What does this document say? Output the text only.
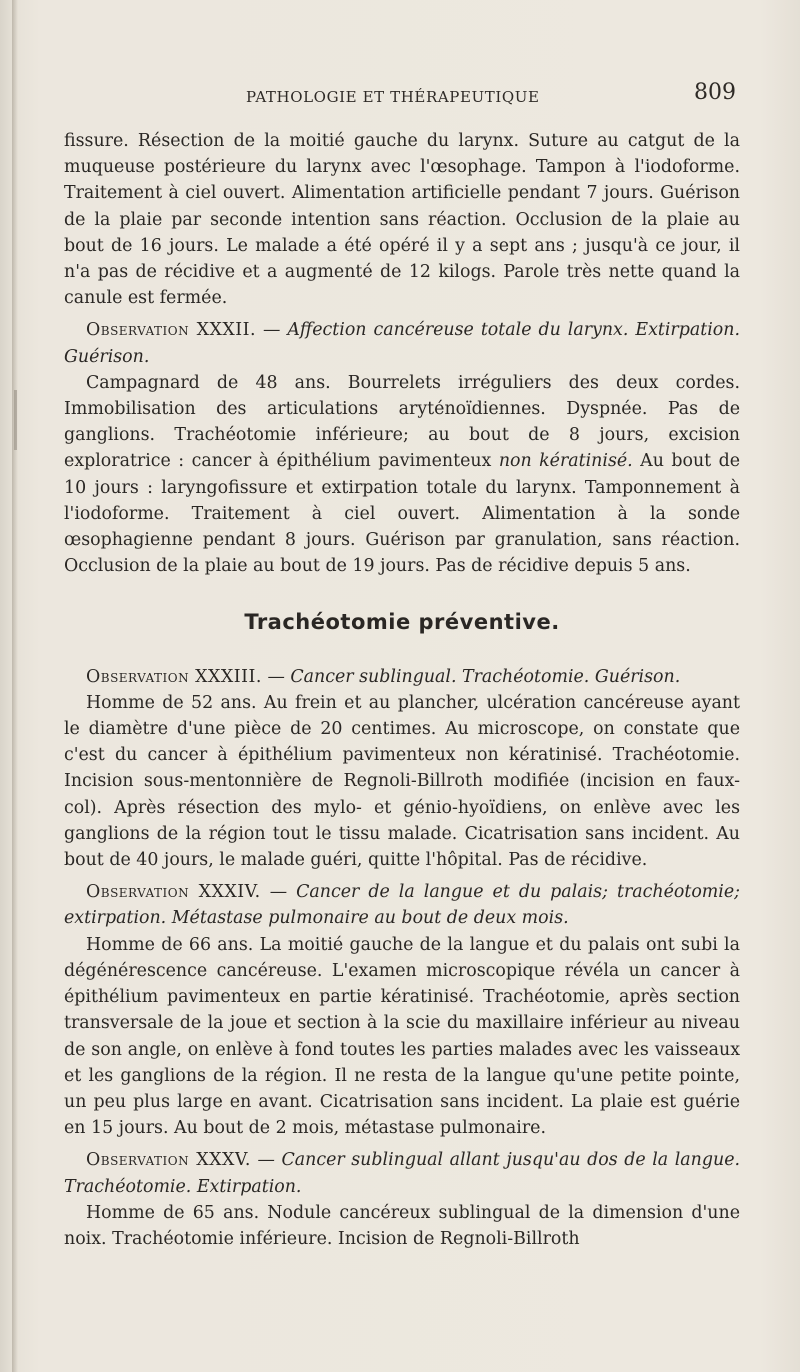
PATHOLOGIE ET THÉRAPEUTIQUE	809

fissure. Résection de la moitié gauche du larynx. Suture au catgut de la muqueuse postérieure du larynx avec l'œsophage. Tampon à l'iodoforme. Traitement à ciel ouvert. Alimentation artificielle pendant 7 jours. Guérison de la plaie par seconde intention sans réaction. Occlusion de la plaie au bout de 16 jours. Le malade a été opéré il y a sept ans ; jusqu'à ce jour, il n'a pas de récidive et a augmenté de 12 kilogs. Parole très nette quand la canule est fermée.

Observation XXXII. — Affection cancéreuse totale du larynx. Extirpation. Guérison.

Campagnard de 48 ans. Bourrelets irréguliers des deux cordes. Immobilisation des articulations aryténoïdiennes. Dyspnée. Pas de ganglions. Trachéotomie inférieure; au bout de 8 jours, excision exploratrice : cancer à épithélium pavimenteux non kératinisé. Au bout de 10 jours : laryngofissure et extirpation totale du larynx. Tamponnement à l'iodoforme. Traitement à ciel ouvert. Alimentation à la sonde œsophagienne pendant 8 jours. Guérison par granulation, sans réaction. Occlusion de la plaie au bout de 19 jours. Pas de récidive depuis 5 ans.

Trachéotomie préventive.

Observation XXXIII. — Cancer sublingual. Trachéotomie. Guérison.

Homme de 52 ans. Au frein et au plancher, ulcération cancéreuse ayant le diamètre d'une pièce de 20 centimes. Au microscope, on constate que c'est du cancer à épithélium pavimenteux non kératinisé. Trachéotomie. Incision sous-mentonnière de Regnoli-Billroth modifiée (incision en faux-col). Après résection des mylo- et génio-hyoïdiens, on enlève avec les ganglions de la région tout le tissu malade. Cicatrisation sans incident. Au bout de 40 jours, le malade guéri, quitte l'hôpital. Pas de récidive.

Observation XXXIV. — Cancer de la langue et du palais; trachéotomie; extirpation. Métastase pulmonaire au bout de deux mois.

Homme de 66 ans. La moitié gauche de la langue et du palais ont subi la dégénérescence cancéreuse. L'examen microscopique révéla un cancer à épithélium pavimenteux en partie kératinisé. Trachéotomie, après section transversale de la joue et section à la scie du maxillaire inférieur au niveau de son angle, on enlève à fond toutes les parties malades avec les vaisseaux et les ganglions de la région. Il ne resta de la langue qu'une petite pointe, un peu plus large en avant. Cicatrisation sans incident. La plaie est guérie en 15 jours. Au bout de 2 mois, métastase pulmonaire.

Observation XXXV. — Cancer sublingual allant jusqu'au dos de la langue. Trachéotomie. Extirpation.

Homme de 65 ans. Nodule cancéreux sublingual de la dimension d'une noix. Trachéotomie inférieure. Incision de Regnoli-Billroth
